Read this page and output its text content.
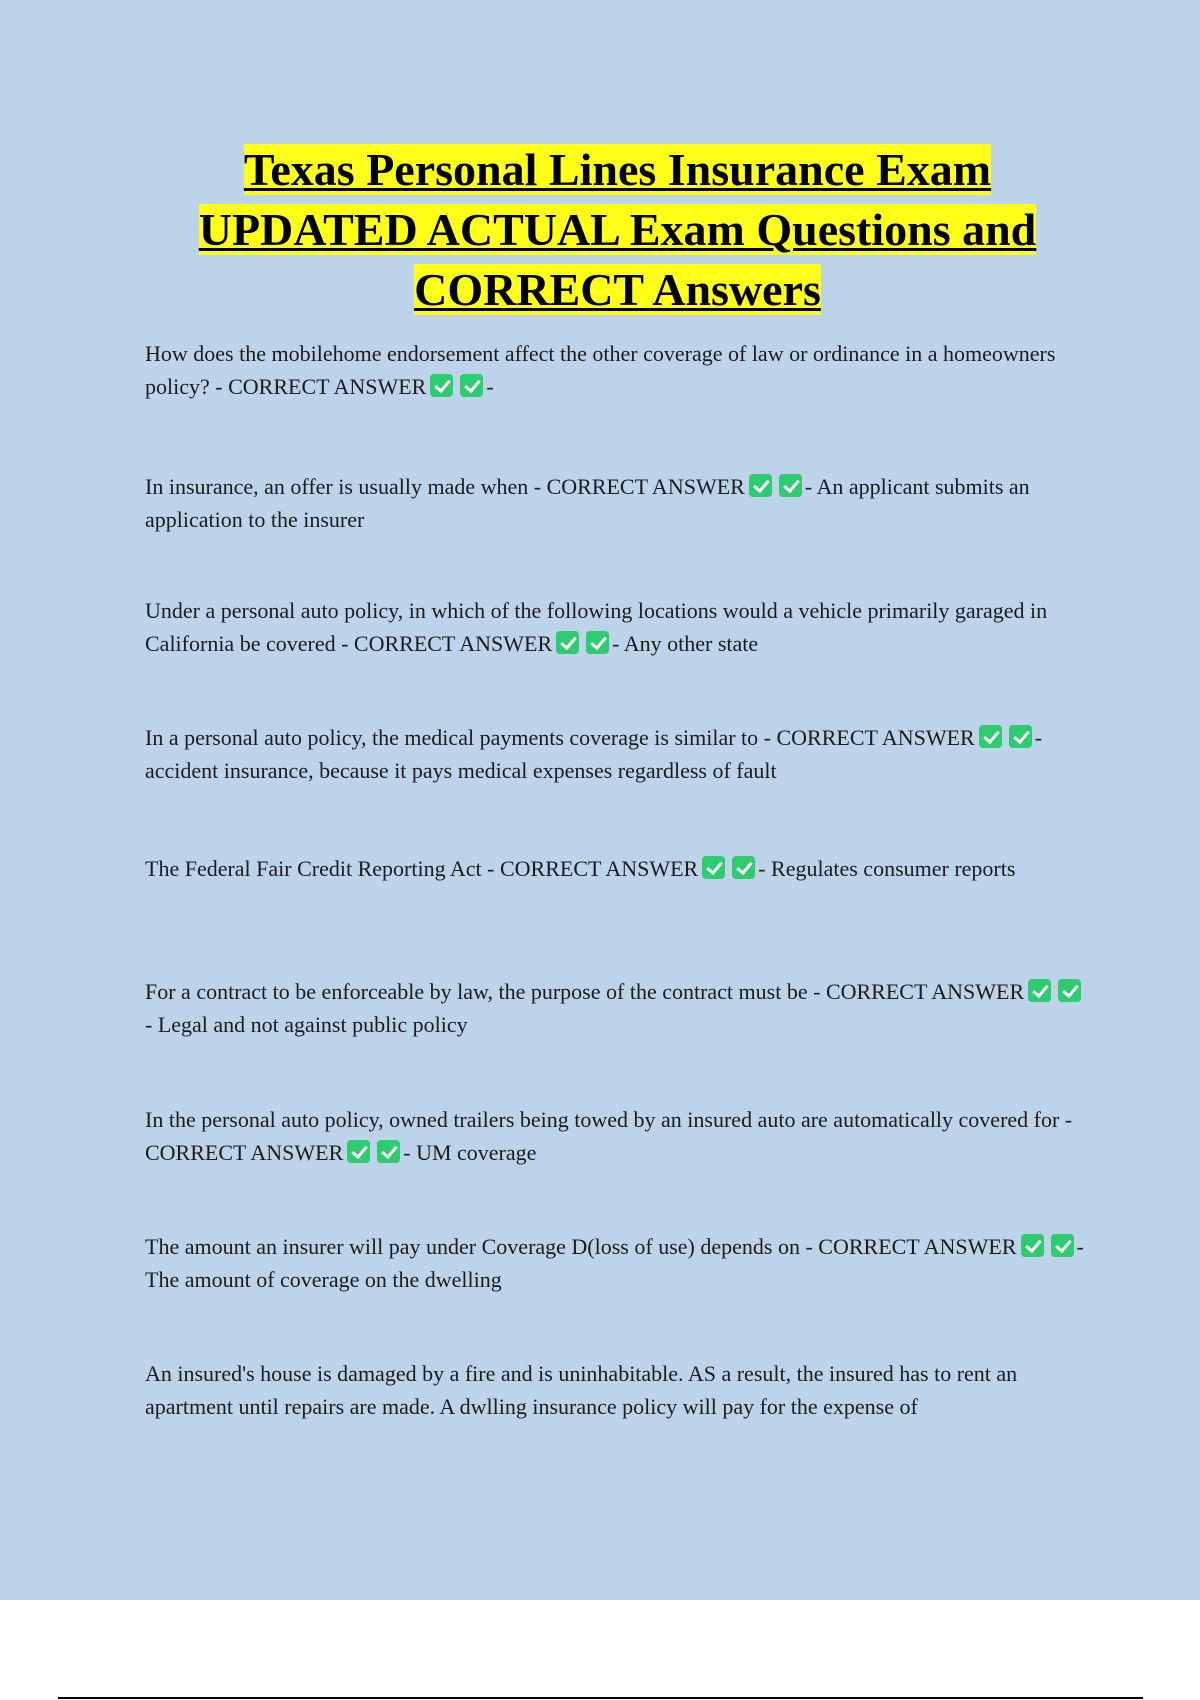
Texas Personal Lines Insurance Exam
UPDATED ACTUAL Exam Questions and
CORRECT Answers
How does the mobilehome endorsement affect the other coverage of law or ordinance in a homeowners policy? - CORRECT ANSWER	-
In insurance, an offer is usually made when - CORRECT ANSWER	- An applicant submits an application to the insurer
Under a personal auto policy, in which of the following locations would a vehicle primarily garaged in California be covered - CORRECT ANSWER	- Any other state
In a personal auto policy, the medical payments coverage is similar to - CORRECT ANSWER	- accident insurance, because it pays medical expenses regardless of fault
The Federal Fair Credit Reporting Act - CORRECT ANSWER	- Regulates consumer reports
For a contract to be enforceable by law, the purpose of the contract must be - CORRECT ANSWER- Legal and not against public policy
In the personal auto policy, owned trailers being towed by an insured auto are automatically covered for - CORRECT ANSWER	- UM coverage
The amount an insurer will pay under Coverage D(loss of use) depends on - CORRECT ANSWER	- The amount of coverage on the dwelling
An insured's house is damaged by a fire and is uninhabitable. AS a result, the insured has to rent an apartment until repairs are made. A dwlling insurance policy will pay for the expense of
